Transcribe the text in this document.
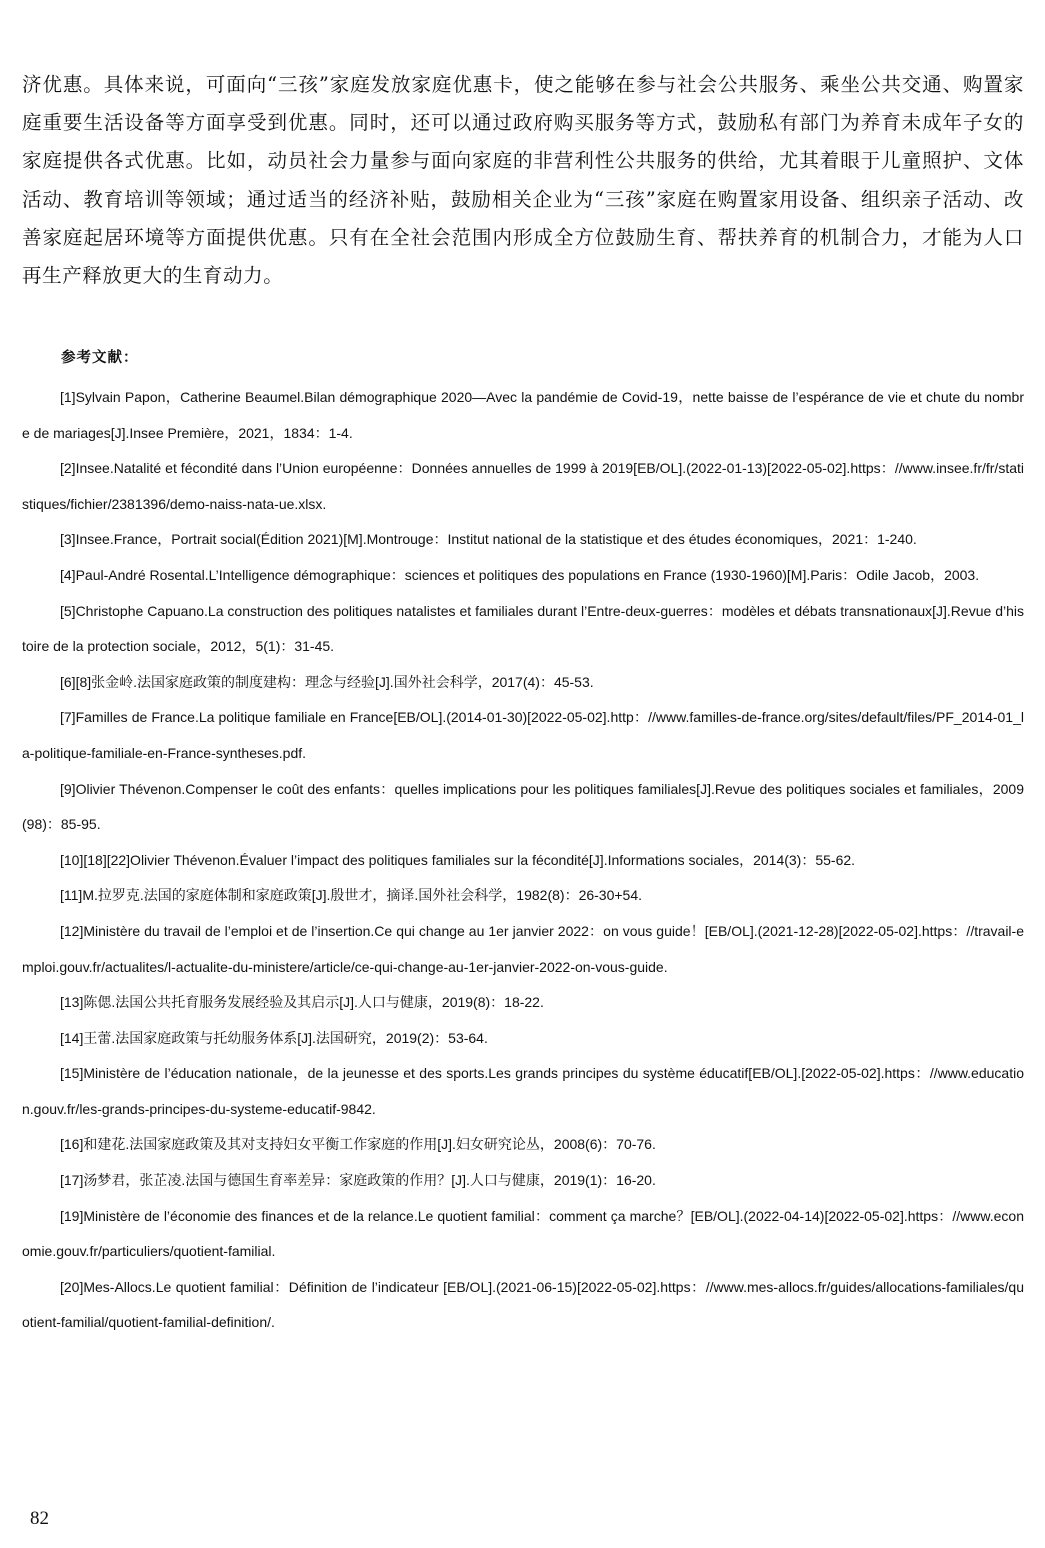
济优惠。具体来说，可面向“三孩”家庭发放家庭优惠卡，使之能够在参与社会公共服务、乘坐公共交通、购置家庭重要生活设备等方面享受到优惠。同时，还可以通过政府购买服务等方式，鼓励私有部门为养育未成年子女的家庭提供各式优惠。比如，动员社会力量参与面向家庭的非营利性公共服务的供给，尤其着眼于儿童照护、文体活动、教育培训等领域；通过适当的经济补贴，鼓励相关企业为“三孩”家庭在购置家用设备、组织亲子活动、改善家庭起居环境等方面提供优惠。只有在全社会范围内形成全方位鼓励生育、帮扶养育的机制合力，才能为人口再生产释放更大的生育动力。

参考文献：

[1]Sylvain Papon，Catherine Beaumel.Bilan démographique 2020—Avec la pandémie de Covid-19，nette baisse de l’espérance de vie et chute du nombre de mariages[J].Insee Première，2021，1834：1-4.
[2]Insee.Natalité et fécondité dans l’Union européenne：Données annuelles de 1999 à 2019[EB/OL].(2022-01-13)[2022-05-02].https：//www.insee.fr/fr/statistiques/fichier/2381396/demo-naiss-nata-ue.xlsx.
[3]Insee.France，Portrait social(Édition 2021)[M].Montrouge：Institut national de la statistique et des études économiques，2021：1-240.
[4]Paul-André Rosental.L’Intelligence démographique：sciences et politiques des populations en France (1930-1960)[M].Paris：Odile Jacob，2003.
[5]Christophe Capuano.La construction des politiques natalistes et familiales durant l’Entre-deux-guerres：modèles et débats transnationaux[J].Revue d’histoire de la protection sociale，2012，5(1)：31-45.
[6][8]张金岭.法国家庭政策的制度建构：理念与经验[J].国外社会科学，2017(4)：45-53.
[7]Familles de France.La politique familiale en France[EB/OL].(2014-01-30)[2022-05-02].http：//www.familles-de-france.org/sites/default/files/PF_2014-01_la-politique-familiale-en-France-syntheses.pdf.
[9]Olivier Thévenon.Compenser le coût des enfants：quelles implications pour les politiques familiales[J].Revue des politiques sociales et familiales，2009(98)：85-95.
[10][18][22]Olivier Thévenon.Évaluer l’impact des politiques familiales sur la fécondité[J].Informations sociales，2014(3)：55-62.
[11]M.拉罗克.法国的家庭体制和家庭政策[J].殷世才，摘译.国外社会科学，1982(8)：26-30+54.
[12]Ministère du travail de l’emploi et de l’insertion.Ce qui change au 1er janvier 2022：on vous guide！[EB/OL].(2021-12-28)[2022-05-02].https：//travail-emploi.gouv.fr/actualites/l-actualite-du-ministere/article/ce-qui-change-au-1er-janvier-2022-on-vous-guide.
[13]陈偲.法国公共托育服务发展经验及其启示[J].人口与健康，2019(8)：18-22.
[14]王蕾.法国家庭政策与托幼服务体系[J].法国研究，2019(2)：53-64.
[15]Ministère de l’éducation nationale，de la jeunesse et des sports.Les grands principes du système éducatif[EB/OL].[2022-05-02].https：//www.education.gouv.fr/les-grands-principes-du-systeme-educatif-9842.
[16]和建花.法国家庭政策及其对支持妇女平衡工作家庭的作用[J].妇女研究论丛，2008(6)：70-76.
[17]汤梦君，张芷凌.法国与德国生育率差异：家庭政策的作用？[J].人口与健康，2019(1)：16-20.
[19]Ministère de l’économie des finances et de la relance.Le quotient familial：comment ça marche？[EB/OL].(2022-04-14)[2022-05-02].https：//www.economie.gouv.fr/particuliers/quotient-familial.
[20]Mes-Allocs.Le quotient familial：Définition de l’indicateur [EB/OL].(2021-06-15)[2022-05-02].https：//www.mes-allocs.fr/guides/allocations-familiales/quotient-familial/quotient-familial-definition/.

82
